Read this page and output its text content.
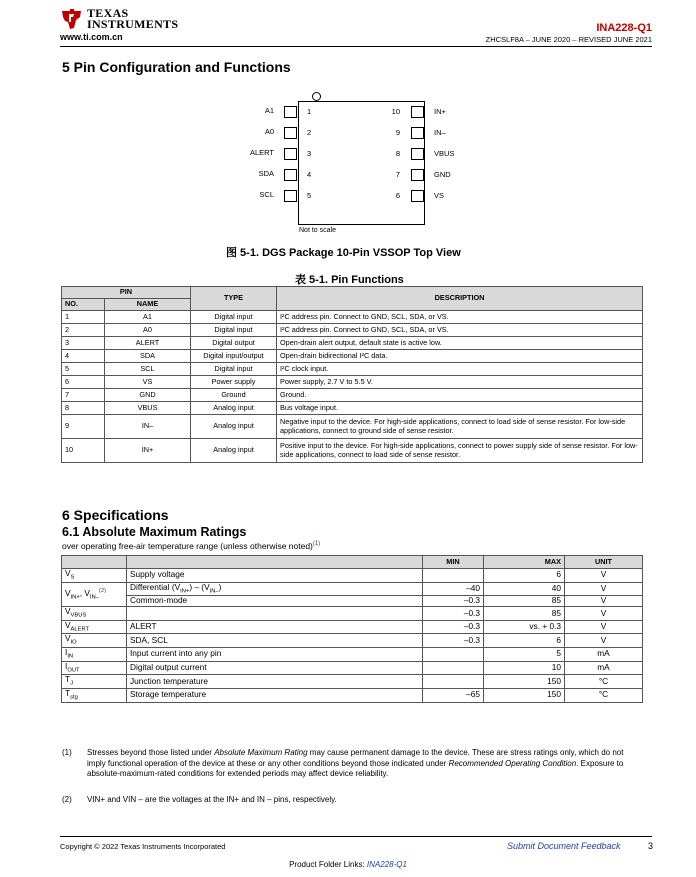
TEXAS
INSTRUMENTS
www.ti.com.cn
INA228-Q1
ZHCSLF8A – JUNE 2020 – REVISED JUNE 2021
5 Pin Configuration and Functions
A1	1
A0	2
ALERT	3
SDA	4
SCL	5
10	IN+
9	IN–
8	VBUS
7	GND
6	VS
Not to scale
图 5-1. DGS Package 10-Pin VSSOP Top View
表 5-1. Pin Functions
PIN		TYPE	DESCRIPTION
NO.	NAME		
1	A1	Digital input	I²C address pin. Connect to GND, SCL, SDA, or VS.
2	A0	Digital input	I²C address pin. Connect to GND, SCL, SDA, or VS.
3	ALERT	Digital output	Open-drain alert output, default state is active low.
4	SDA	Digital input/output	Open-drain bidirectional I²C data.
5	SCL	Digital input	I²C clock input.
6	VS	Power supply	Power supply, 2.7 V to 5.5 V.
7	GND	Ground	Ground.
8	VBUS	Analog input	Bus voltage input.
9	IN–	Analog input	Negative input to the device. For high-side applications, connect to load side of sense resistor. For low-side applications, connect to ground side of sense resistor.
10	IN+	Analog input	Positive input to the device. For high-side applications, connect to power supply side of sense resistor. For low-side applications, connect to load side of sense resistor.
6 Specifications
6.1 Absolute Maximum Ratings
over operating free-air temperature range (unless otherwise noted)$^{(1)}$
		MIN	MAX	UNIT
$V_S$	Supply voltage		6	V
$V_{IN+}$, $V_{IN-}^{(2)}$	Differential $(V_{IN+}) - (V_{IN-})$	–40	40	V
	Common-mode	–0.3	85	V
$V_{VBUS}$		–0.3	85	V
$V_{ALERT}$	ALERT	–0.3	vs. + 0.3	V
$V_{IO}$	SDA, SCL	–0.3	6	V
$I_{IN}$	Input current into any pin		5	mA
$I_{OUT}$	Digital output current		10	mA
$T_J$	Junction temperature		150	°C
$T_{stg}$	Storage temperature	–65	150	°C
(1) Stresses beyond those listed under Absolute Maximum Rating may cause permanent damage to the device. These are stress ratings only, which do not imply functional operation of the device at these or any other conditions beyond those indicated under Recommended Operating Condition. Exposure to absolute-maximum-rated conditions for extended periods may affect device reliability.
(2) VIN+ and VIN – are the voltages at the IN+ and IN – pins, respectively.
Copyright © 2022 Texas Instruments Incorporated	Submit Document Feedback	3
Product Folder Links: INA228-Q1
